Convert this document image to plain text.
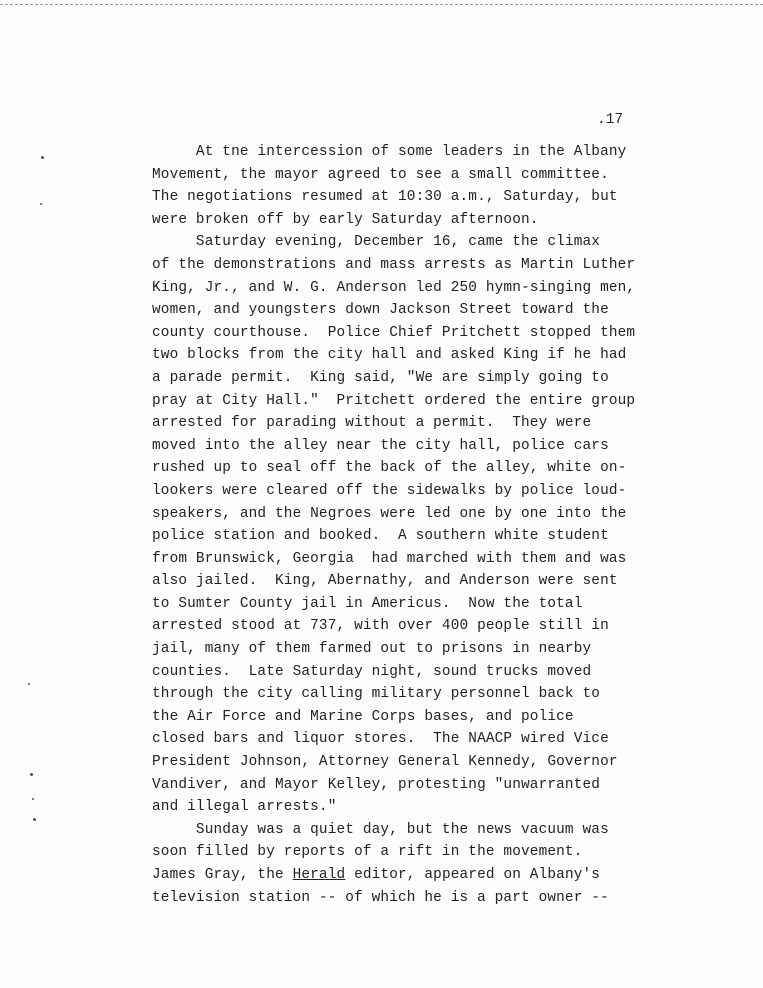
.17
At tne intercession of some leaders in the Albany
Movement, the mayor agreed to see a small committee.
The negotiations resumed at 10:30 a.m., Saturday, but
were broken off by early Saturday afternoon.
Saturday evening, December 16, came the climax
of the demonstrations and mass arrests as Martin Luther
King, Jr., and W. G. Anderson led 250 hymn-singing men,
women, and youngsters down Jackson Street toward the
county courthouse.  Police Chief Pritchett stopped them
two blocks from the city hall and asked King if he had
a parade permit.  King said, "We are simply going to
pray at City Hall."  Pritchett ordered the entire group
arrested for parading without a permit.  They were
moved into the alley near the city hall, police cars
rushed up to seal off the back of the alley, white on-
lookers were cleared off the sidewalks by police loud-
speakers, and the Negroes were led one by one into the
police station and booked.  A southern white student
from Brunswick, Georgia  had marched with them and was
also jailed.  King, Abernathy, and Anderson were sent
to Sumter County jail in Americus.  Now the total
arrested stood at 737, with over 400 people still in
jail, many of them farmed out to prisons in nearby
counties.  Late Saturday night, sound trucks moved
through the city calling military personnel back to
the Air Force and Marine Corps bases, and police
closed bars and liquor stores.  The NAACP wired Vice
President Johnson, Attorney General Kennedy, Governor
Vandiver, and Mayor Kelley, protesting "unwarranted
and illegal arrests."
Sunday was a quiet day, but the news vacuum was
soon filled by reports of a rift in the movement.
James Gray, the Herald editor, appeared on Albany's
television station -- of which he is a part owner --
